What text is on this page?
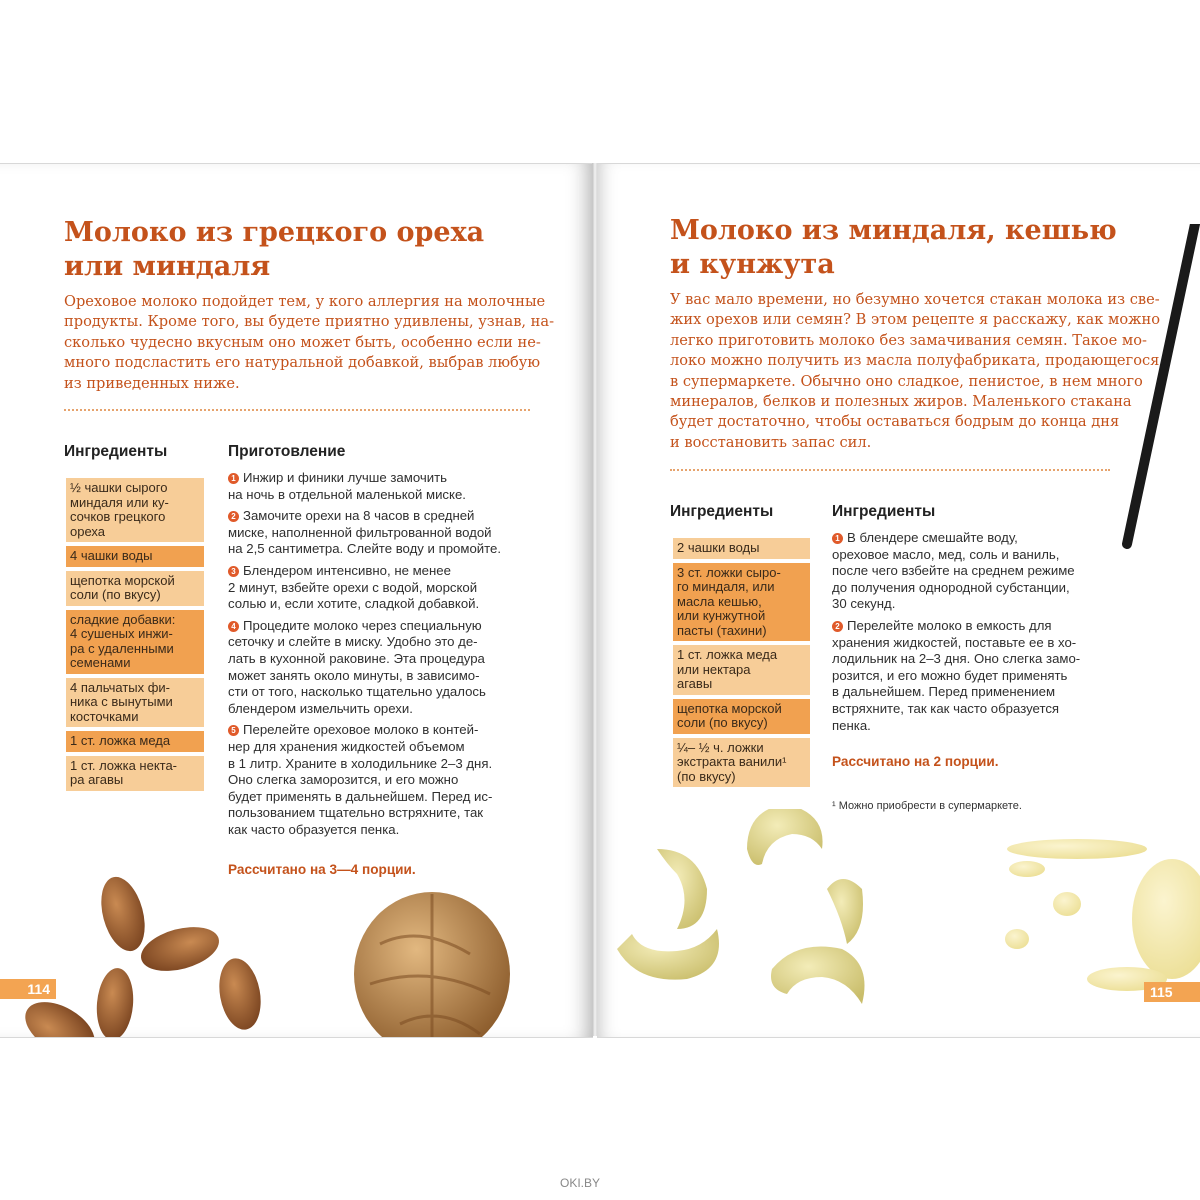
Молоко из грецкого ореха
или миндаля
Ореховое молоко подойдет тем, у кого аллергия на молочные
продукты. Кроме того, вы будете приятно удивлены, узнав, на-
сколько чудесно вкусным оно может быть, особенно если не-
много подсластить его натуральной добавкой, выбрав любую
из приведенных ниже.
Ингредиенты
½ чашки сырого
миндаля или ку-
сочков грецкого
ореха
4 чашки воды
щепотка морской
соли (по вкусу)
сладкие добавки:
4 сушеных инжи-
ра с удаленными
семенами
4 пальчатых фи-
ника с вынутыми
косточками
1 ст. ложка меда
1 ст. ложка некта-
ра агавы
Приготовление
1 Инжир и финики лучше замочить
на ночь в отдельной маленькой миске.
2 Замочите орехи на 8 часов в средней
миске, наполненной фильтрованной водой
на 2,5 сантиметра. Слейте воду и промойте.
3 Блендером интенсивно, не менее
2 минут, взбейте орехи с водой, морской
солью и, если хотите, сладкой добавкой.
4 Процедите молоко через специальную
сеточку и слейте в миску. Удобно это де-
лать в кухонной раковине. Эта процедура
может занять около минуты, в зависимо-
сти от того, насколько тщательно удалось
блендером измельчить орехи.
5 Перелейте ореховое молоко в контей-
нер для хранения жидкостей объемом
в 1 литр. Храните в холодильнике 2–3 дня.
Оно слегка заморозится, и его можно
будет применять в дальнейшем. Перед ис-
пользованием тщательно встряхните, так
как часто образуется пенка.
Рассчитано на 3—4 порции.
114
Молоко из миндаля, кешью
и кунжута
У вас мало времени, но безумно хочется стакан молока из све-
жих орехов или семян? В этом рецепте я расскажу, как можно
легко приготовить молоко без замачивания семян. Такое мо-
локо можно получить из масла полуфабриката, продающегося
в супермаркете. Обычно оно сладкое, пенистое, в нем много
минералов, белков и полезных жиров. Маленького стакана
будет достаточно, чтобы оставаться бодрым до конца дня
и восстановить запас сил.
Ингредиенты
2 чашки воды
3 ст. ложки сыро-
го миндаля, или
масла кешью,
или кунжутной
пасты (тахини)
1 ст. ложка меда
или нектара
агавы
щепотка морской
соли (по вкусу)
¼– ½ ч. ложки
экстракта ванили¹
(по вкусу)
Ингредиенты
1 В блендере смешайте воду,
ореховое масло, мед, соль и ваниль,
после чего взбейте на среднем режиме
до получения однородной субстанции,
30 секунд.
2 Перелейте молоко в емкость для
хранения жидкостей, поставьте ее в хо-
лодильник на 2–3 дня. Оно слегка замо-
розится, и его можно будет применять
в дальнейшем. Перед применением
встряхните, так как часто образуется
пенка.
Рассчитано на 2 порции.
¹ Можно приобрести в супермаркете.
115
OKI.BY
